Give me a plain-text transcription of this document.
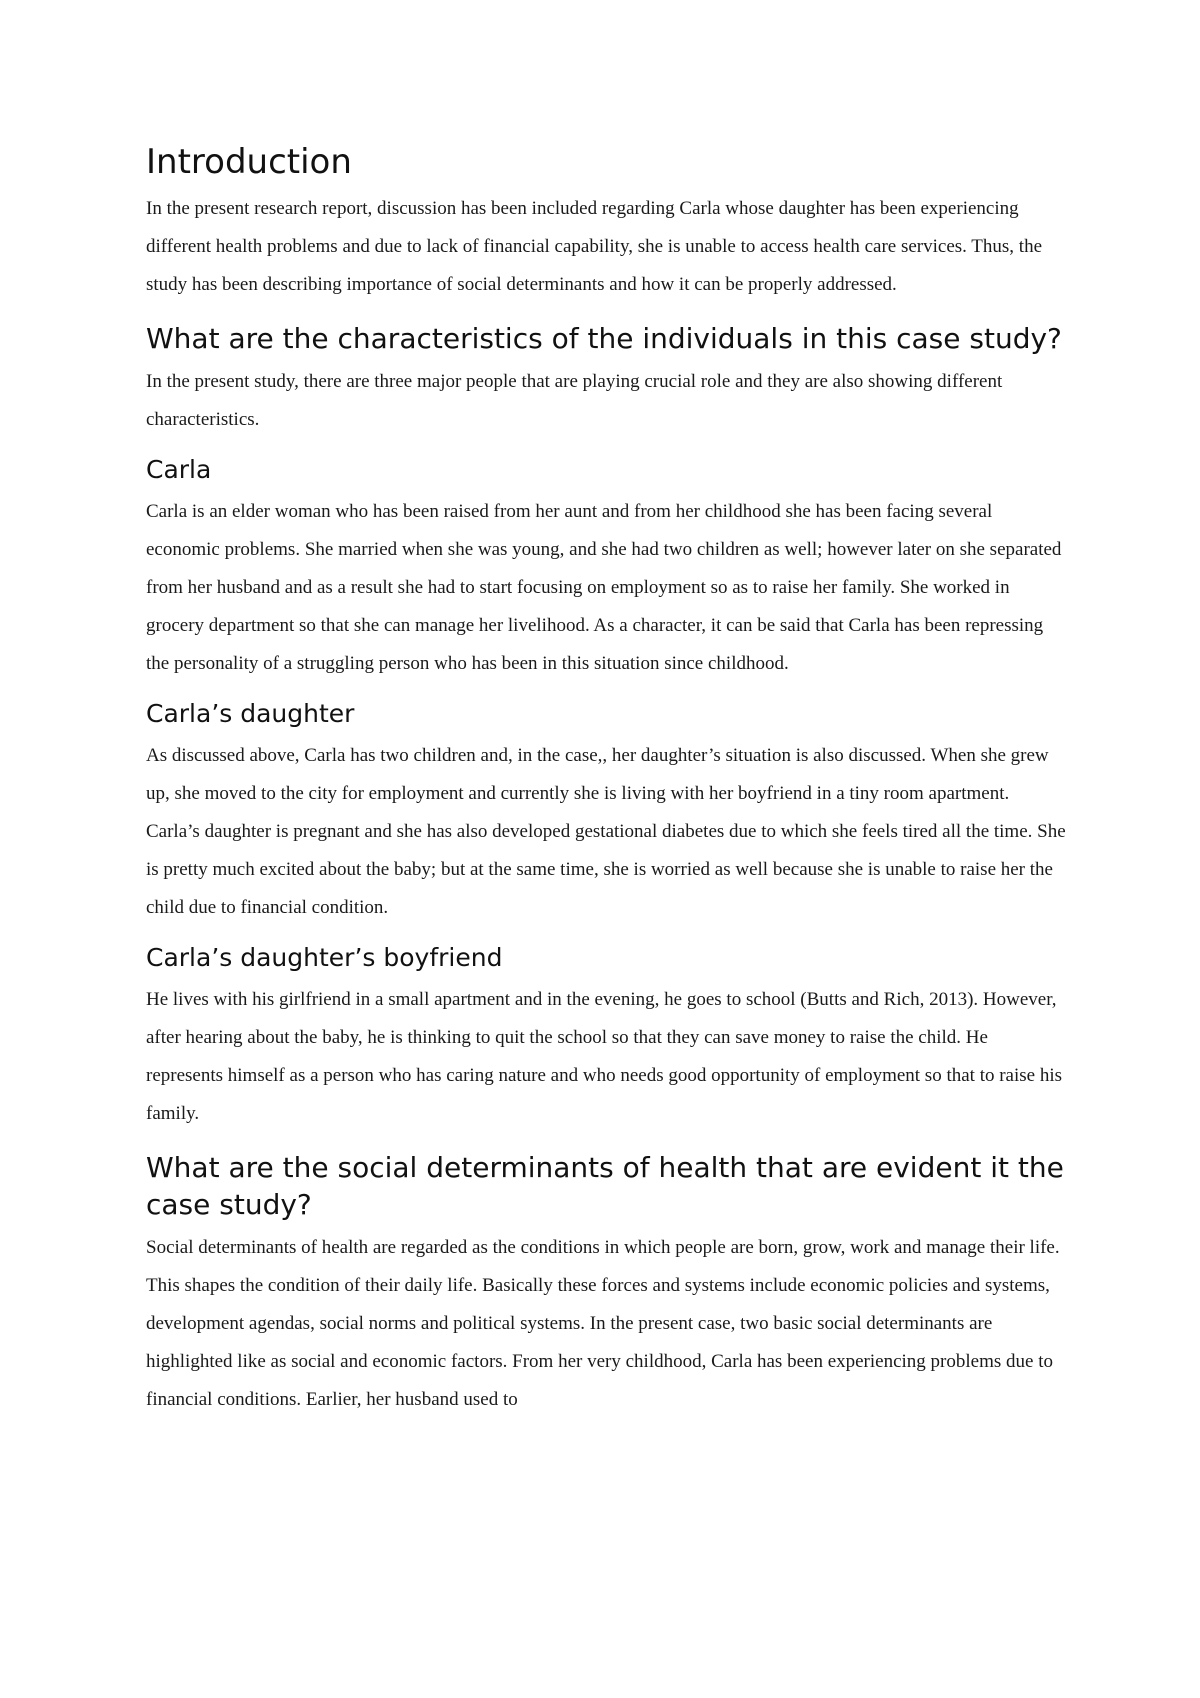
Introduction

In the present research report, discussion has been included regarding Carla whose daughter has been experiencing different health problems and due to lack of financial capability, she is unable to access health care services. Thus, the study has been describing importance of social determinants and how it can be properly addressed.

What are the characteristics of the individuals in this case study?

In the present study, there are three major people that are playing crucial role and they are also showing different characteristics.

Carla

Carla is an elder woman who has been raised from her aunt and from her childhood she has been facing several economic problems. She married when she was young, and she had two children as well; however later on she separated from her husband and as a result she had to start focusing on employment so as to raise her family. She worked in grocery department so that she can manage her livelihood. As a character, it can be said that Carla has been repressing the personality of a struggling person who has been in this situation since childhood.

Carla’s daughter

As discussed above, Carla has two children and, in the case,, her daughter’s situation is also discussed. When she grew up, she moved to the city for employment and currently she is living with her boyfriend in a tiny room apartment. Carla’s daughter is pregnant and she has also developed gestational diabetes due to which she feels tired all the time. She is pretty much excited about the baby; but at the same time, she is worried as well because she is unable to raise her the child due to financial condition.

Carla’s daughter’s boyfriend

He lives with his girlfriend in a small apartment and in the evening, he goes to school (Butts and Rich, 2013). However, after hearing about the baby, he is thinking to quit the school so that they can save money to raise the child. He represents himself as a person who has caring nature and who needs good opportunity of employment so that to raise his family.

What are the social determinants of health that are evident it the case study?

Social determinants of health are regarded as the conditions in which people are born, grow, work and manage their life. This shapes the condition of their daily life. Basically these forces and systems include economic policies and systems, development agendas, social norms and political systems. In the present case, two basic social determinants are highlighted like as social and economic factors. From her very childhood, Carla has been experiencing problems due to financial conditions. Earlier, her husband used to
